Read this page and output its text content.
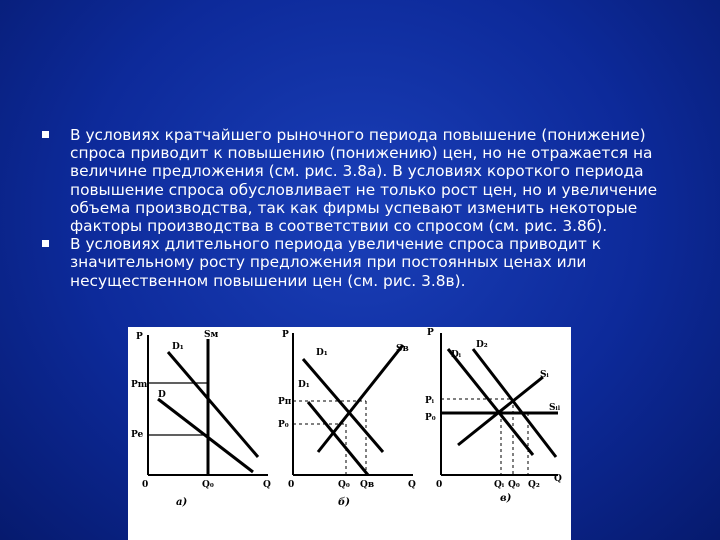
В условиях кратчайшего рыночного периода повышение (понижение) спроса приводит к повышению (понижению) цен, но не отражается на величине предложения (см. рис. 3.8а). В условиях короткого периода повышение спроса обусловливает не только рост цен, но и увеличение объема производства, так как фирмы успевают изменить некоторые факторы производства в соответствии со спросом (см. рис. 3.8б).
В условиях длительного периода увеличение спроса приводит к значительному росту предложения при постоянных ценах или несущественном повышении цен (см. рис. 3.8в).
P
Q
0
Sм
D₁
D
Pm
Pe
Q₀
а)
P
Q
0
Sв
D₁
D₁
Pп
P₀
Q₀ Qв
б)
P
Q
0
Dᵢ
D₂
Sᵢ
Sᵢₗ
Pᵢ
P₀
Qᵢ Q₀ Q₂
в)
